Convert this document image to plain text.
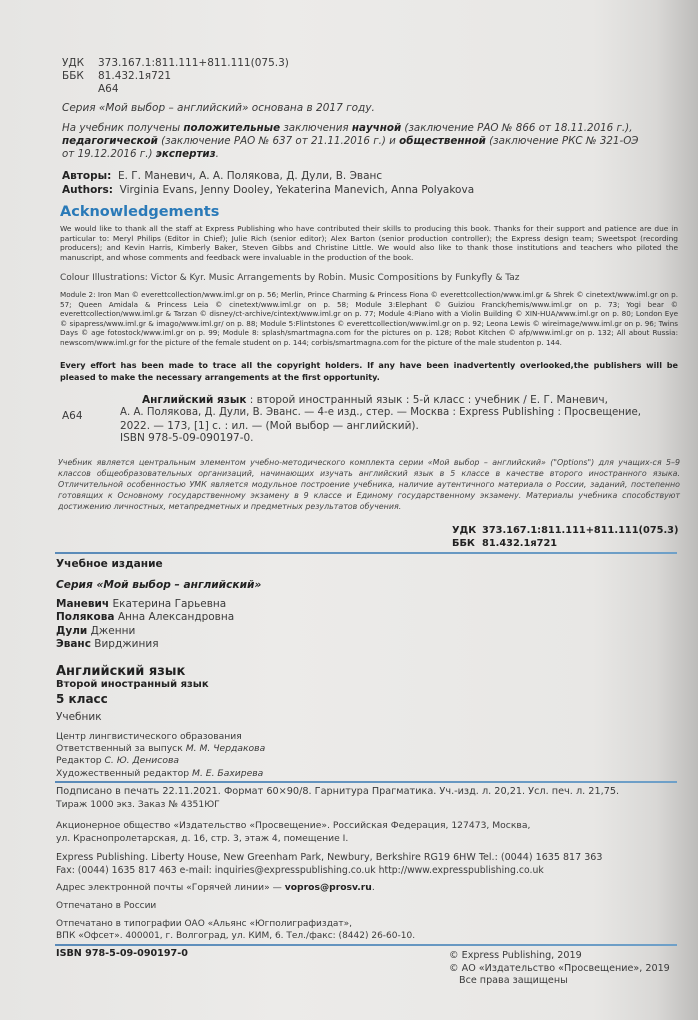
УДК 373.167.1:811.111+811.111(075.3)
ББК 81.432.1я721
А64
Серия «Мой выбор – английский» основана в 2017 году.
На учебник получены положительные заключения научной (заключение РАО № 866 от 18.11.2016 г.),
педагогической (заключение РАО № 637 от 21.11.2016 г.) и общественной (заключение РКС № 321-ОЭ
от 19.12.2016 г.) экспертиз.
Авторы: Е. Г. Маневич, А. А. Полякова, Д. Дули, В. Эванс
Authors: Virginia Evans, Jenny Dooley, Yekaterina Manevich, Anna Polyakova
Acknowledgements
We would like to thank all the staff at Express Publishing who have contributed their skills to producing this book. Thanks for their support and patience are due in particular to: Meryl Philips (Editor in Chief); Julie Rich (senior editor); Alex Barton (senior production controller); the Express design team; Sweetspot (recording producers); and Kevin Harris, Kimberly Baker, Steven Gibbs and Christine Little. We would also like to thank those institutions and teachers who piloted the manuscript, and whose comments and feedback were invaluable in the production of the book.
Colour Illustrations: Victor & Kyr. Music Arrangements by Robin. Music Compositions by Funkyfly & Taz
Module 2: Iron Man © everettcollection/www.iml.gr on p. 56; Merlin, Prince Charming & Princess Fiona © everettcollection/www.iml.gr & Shrek © cinetext/www.iml.gr on p. 57; Queen Amidala & Princess Leia © cinetext/www.iml.gr on p. 58; Module 3:Elephant © Guiziou Franck/hemis/www.iml.gr on p. 73; Yogi bear © everettcollection/www.iml.gr & Tarzan © disney/ct-archive/cintext/www.iml.gr on p. 77; Module 4:Piano with a Violin Building © XIN-HUA/www.iml.gr on p. 80; London Eye © sipapress/www.iml.gr & imago/www.iml.gr/ on p. 88; Module 5:Flintstones © everettcollection/www.iml.gr on p. 92; Leona Lewis © wireimage/www.iml.gr on p. 96; Twins Days © age fotostock/www.iml.gr on p. 99; Module 8: splash/smartmagna.com for the pictures on p. 128; Robot Kitchen © afp/www.iml.gr on p. 132; All about Russia: newscom/www.iml.gr for the picture of the female student on p. 144; corbis/smartmagna.com for the picture of the male studenton p. 144.
Every effort has been made to trace all the copyright holders. If any have been inadvertently overlooked,the publishers will be pleased to make the necessary arrangements at the first opportunity.
А64
Английский язык : второй иностранный язык : 5-й класс : учебник / Е. Г. Маневич,
А. А. Полякова, Д. Дули, В. Эванс. — 4-е изд., стер. — Москва : Express Publishing : Просвещение,
2022. — 173, [1] с. : ил. — (Мой выбор — английский).
ISBN 978-5-09-090197-0.
Учебник является центральным элементом учебно-методического комплекта серии «Мой выбор – английский» ("Options") для учащих-ся 5–9 классов общеобразовательных организаций, начинающих изучать английский язык в 5 классе в качестве второго иностранного языка. Отличительной особенностью УМК является модульное построение учебника, наличие аутентичного материала о России, заданий, постепенно готовящих к Основному государственному экзамену в 9 классе и Единому государственному экзамену. Материалы учебника способствуют достижению личностных, метапредметных и предметных результатов обучения.
УДК 373.167.1:811.111+811.111(075.3)
ББК 81.432.1я721
Учебное издание
Серия «Мой выбор – английский»
Маневич Екатерина Гарьевна
Полякова Анна Александровна
Дули Дженни
Эванс Вирджиния
Английский язык
Второй иностранный язык
5 класс
Учебник
Центр лингвистического образования
Ответственный за выпуск М. М. Чердакова
Редактор С. Ю. Денисова
Художественный редактор М. Е. Бахирева
Подписано в печать 22.11.2021. Формат 60×90/8. Гарнитура Прагматика. Уч.-изд. л. 20,21. Усл. печ. л. 21,75.
Тираж 1000 экз. Заказ № 4351ЮГ
Акционерное общество «Издательство «Просвещение». Российская Федерация, 127473, Москва,
ул. Краснопролетарская, д. 16, стр. 3, этаж 4, помещение I.
Express Publishing. Liberty House, New Greenham Park, Newbury, Berkshire RG19 6HW Tel.: (0044) 1635 817 363
Fax: (0044) 1635 817 463 e-mail: inquiries@expresspublishing.co.uk http://www.expresspublishing.co.uk
Адрес электронной почты «Горячей линии» — vopros@prosv.ru.
Отпечатано в России
Отпечатано в типографии ОАО «Альянс «Югполиграфиздат»,
ВПК «Офсет». 400001, г. Волгоград, ул. КИМ, 6. Тел./факс: (8442) 26-60-10.
ISBN 978-5-09-090197-0	© Express Publishing, 2019
© АО «Издательство «Просвещение», 2019
Все права защищены
